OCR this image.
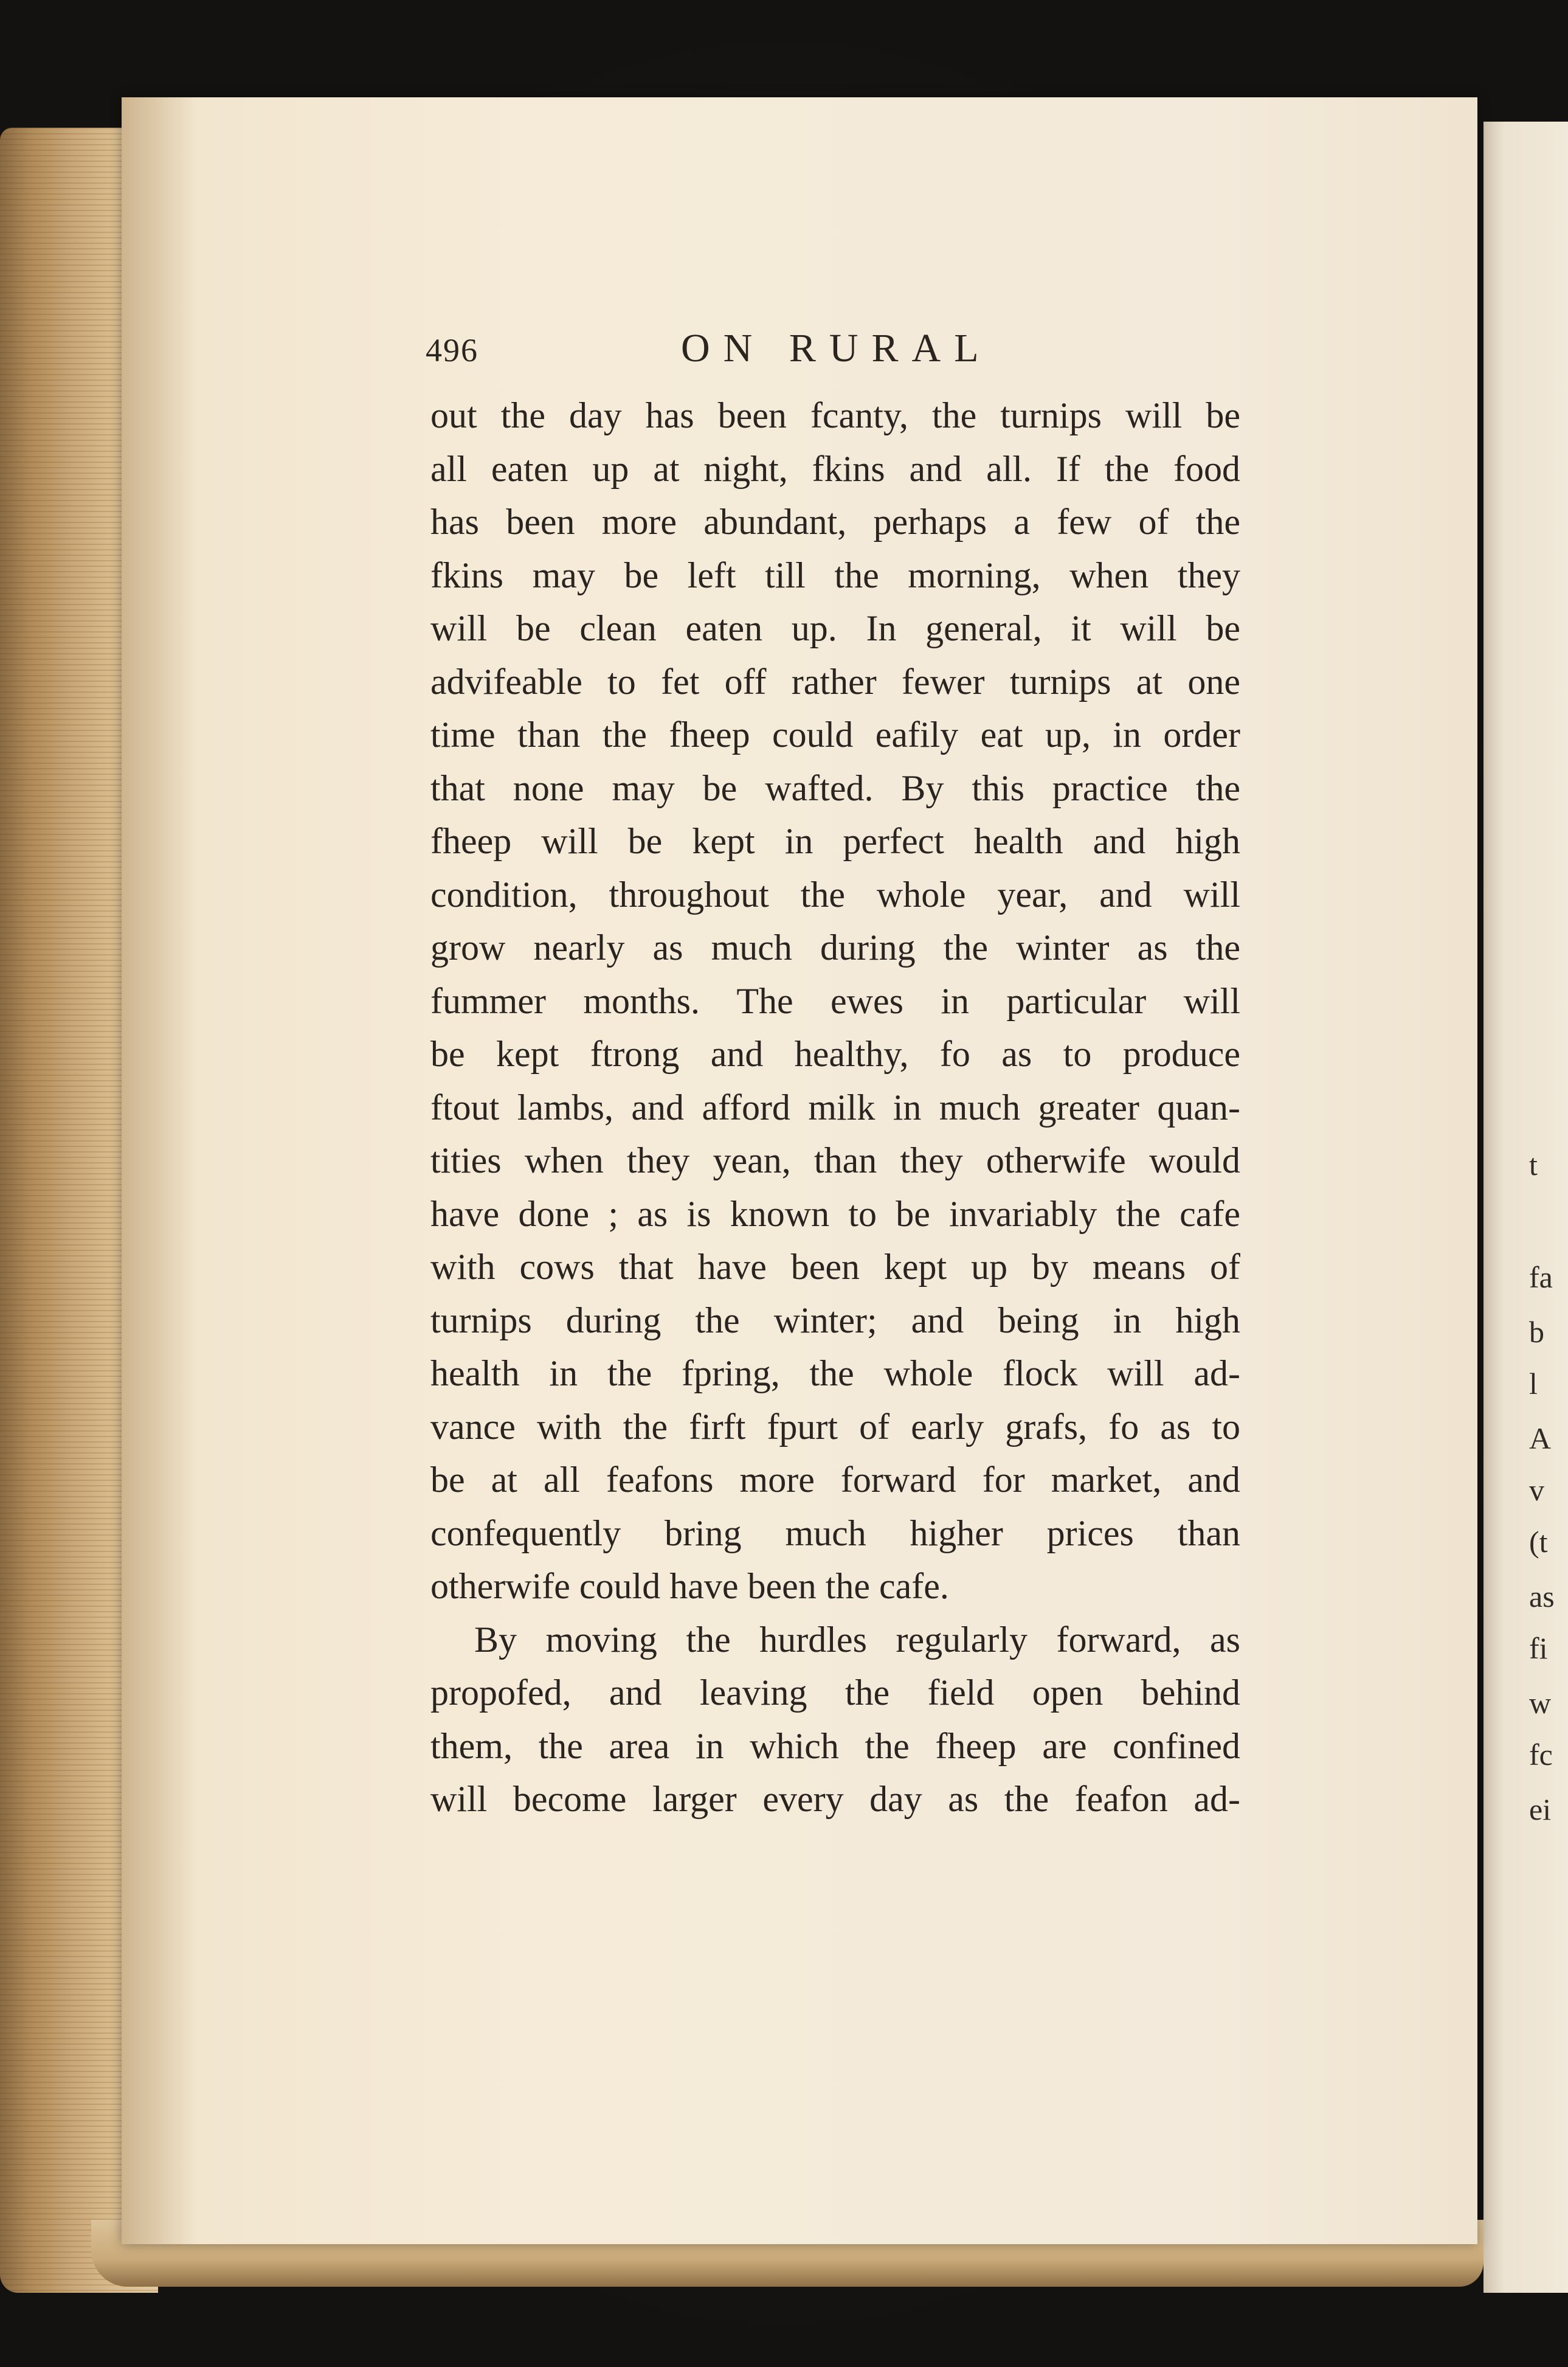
t
fa
b
l
A
v
(t
as
fi
w
fc
ei
496	ON RURAL
out the day has been fcanty, the turnips will be
all eaten up at night, fkins and all. If the food
has been more abundant, perhaps a few of the
fkins may be left till the morning, when they
will be clean eaten up. In general, it will be
advifeable to fet off rather fewer turnips at one
time than the fheep could eafily eat up, in order
that none may be wafted. By this practice the
fheep will be kept in perfect health and high
condition, throughout the whole year, and will
grow nearly as much during the winter as the
fummer months. The ewes in particular will
be kept ftrong and healthy, fo as to produce
ftout lambs, and afford milk in much greater quan-
tities when they yean, than they otherwife would
have done ; as is known to be invariably the cafe
with cows that have been kept up by means of
turnips during the winter; and being in high
health in the fpring, the whole flock will ad-
vance with the firft fpurt of early grafs, fo as to
be at all feafons more forward for market, and
confequently bring much higher prices than
otherwife could have been the cafe.
By moving the hurdles regularly forward, as
propofed, and leaving the field open behind
them, the area in which the fheep are confined
will become larger every day as the feafon ad-
